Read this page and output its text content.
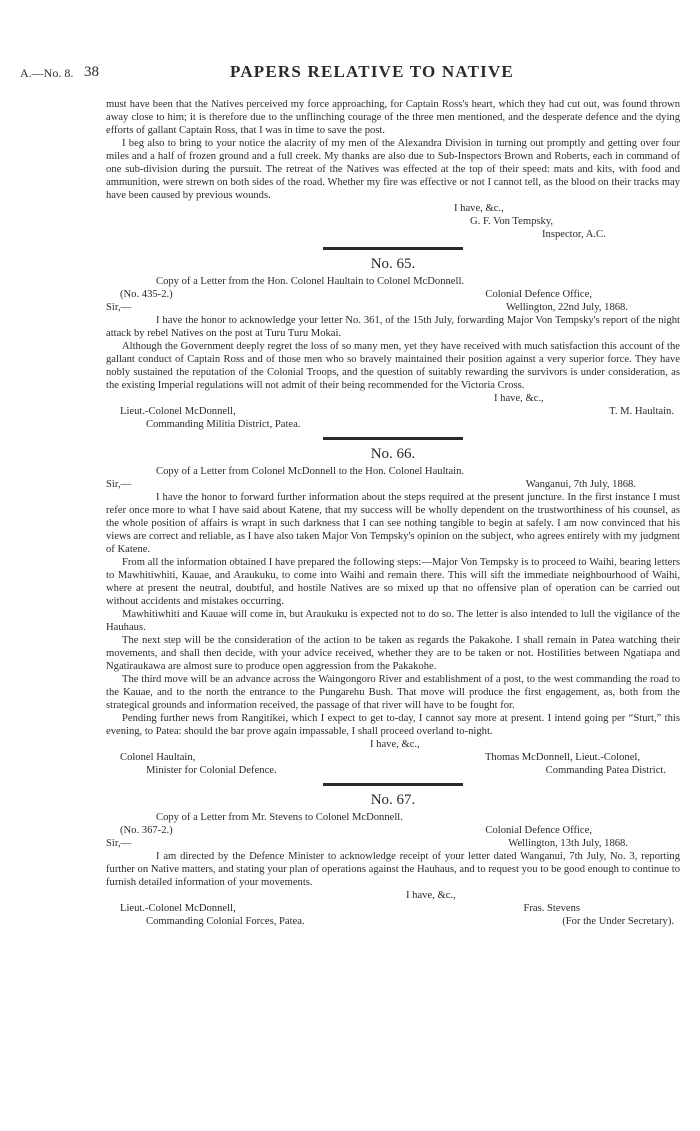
A.—No. 8. 38	PAPERS RELATIVE TO NATIVE

must have been that the Natives perceived my force approaching, for Captain Ross's heart, which they had cut out, was found thrown away close to him; it is therefore due to the unflinching courage of the three men mentioned, and the desperate defence and the dying efforts of gallant Captain Ross, that I was in time to save the post.

I beg also to bring to your notice the alacrity of my men of the Alexandra Division in turning out promptly and getting over four miles and a half of frozen ground and a full creek. My thanks are also due to Sub-Inspectors Brown and Roberts, each in command of one sub-division during the pursuit. The retreat of the Natives was effected at the top of their speed: mats and kits, with food and ammunition, were strewn on both sides of the road. Whether my fire was effective or not I cannot tell, as the blood on their tracks may have been caused by previous wounds.

I have, &c.,
G. F. Von Tempsky,
Inspector, A.C.
No. 65.
Copy of a Letter from the Hon. Colonel Haultain to Colonel McDonnell.
(No. 435-2.)	Colonial Defence Office,
Sir,—	Wellington, 22nd July, 1868.

I have the honor to acknowledge your letter No. 361, of the 15th July, forwarding Major Von Tempsky's report of the night attack by rebel Natives on the post at Turu Turu Mokai.

Although the Government deeply regret the loss of so many men, yet they have received with much satisfaction this account of the gallant conduct of Captain Ross and of those men who so bravely maintained their position against a very superior force. They have nobly sustained the reputation of the Colonial Troops, and the question of suitably rewarding the survivors is under consideration, as the existing Imperial regulations will not admit of their being recommended for the Victoria Cross.

I have, &c.,
Lieut.-Colonel McDonnell,	T. M. Haultain.
Commanding Militia District, Patea.
No. 66.
Copy of a Letter from Colonel McDonnell to the Hon. Colonel Haultain.
Sir,—	Wanganui, 7th July, 1868.

I have the honor to forward further information about the steps required at the present juncture. In the first instance I must refer once more to what I have said about Katene, that my success will be wholly dependent on the trustworthiness of his counsel, as the whole position of affairs is wrapt in such darkness that I can see nothing tangible to begin at safely. I am now convinced that his views are correct and reliable, as I have also taken Major Von Tempsky's opinion on the subject, who agrees entirely with my judgment of Katene.

From all the information obtained I have prepared the following steps:—Major Von Tempsky is to proceed to Waihi, bearing letters to Mawhitiwhiti, Kauae, and Araukuku, to come into Waihi and remain there. This will sift the immediate neighbourhood of Waihi, where at present the neutral, doubtful, and hostile Natives are so mixed up that no offensive plan of operation can be carried out without accidents and mistakes occurring.

Mawhitiwhiti and Kauae will come in, but Araukuku is expected not to do so. The letter is also intended to lull the vigilance of the Hauhaus.

The next step will be the consideration of the action to be taken as regards the Pakakohe. I shall remain in Patea watching their movements, and shall then decide, with your advice received, whether they are to be taken or not. Hostilities between Ngatiapa and Ngatiraukawa are almost sure to produce open aggression from the Pakakohe.

The third move will be an advance across the Waingongoro River and establishment of a post, to the west commanding the road to the Kauae, and to the north the entrance to the Pungarehu Bush. That move will produce the first engagement, as, both from the strategical grounds and information received, the passage of that river will have to be fought for.

Pending further news from Rangitikei, which I expect to get to-day, I cannot say more at present. I intend going per “Sturt,” this evening, to Patea: should the bar prove again impassable, I shall proceed overland to-night.

I have, &c.,
Colonel Haultain,	Thomas McDonnell, Lieut.-Colonel,
Minister for Colonial Defence.	Commanding Patea District.
No. 67.
Copy of a Letter from Mr. Stevens to Colonel McDonnell.
(No. 367-2.)	Colonial Defence Office,
Sir,—	Wellington, 13th July, 1868.

I am directed by the Defence Minister to acknowledge receipt of your letter dated Wanganui, 7th July, No. 3, reporting further on Native matters, and stating your plan of operations against the Hauhaus, and to request you to be good enough to continue to furnish detailed information of your movements.

I have, &c.,
Lieut.-Colonel McDonnell,	Fras. Stevens
Commanding Colonial Forces, Patea.	(For the Under Secretary).
